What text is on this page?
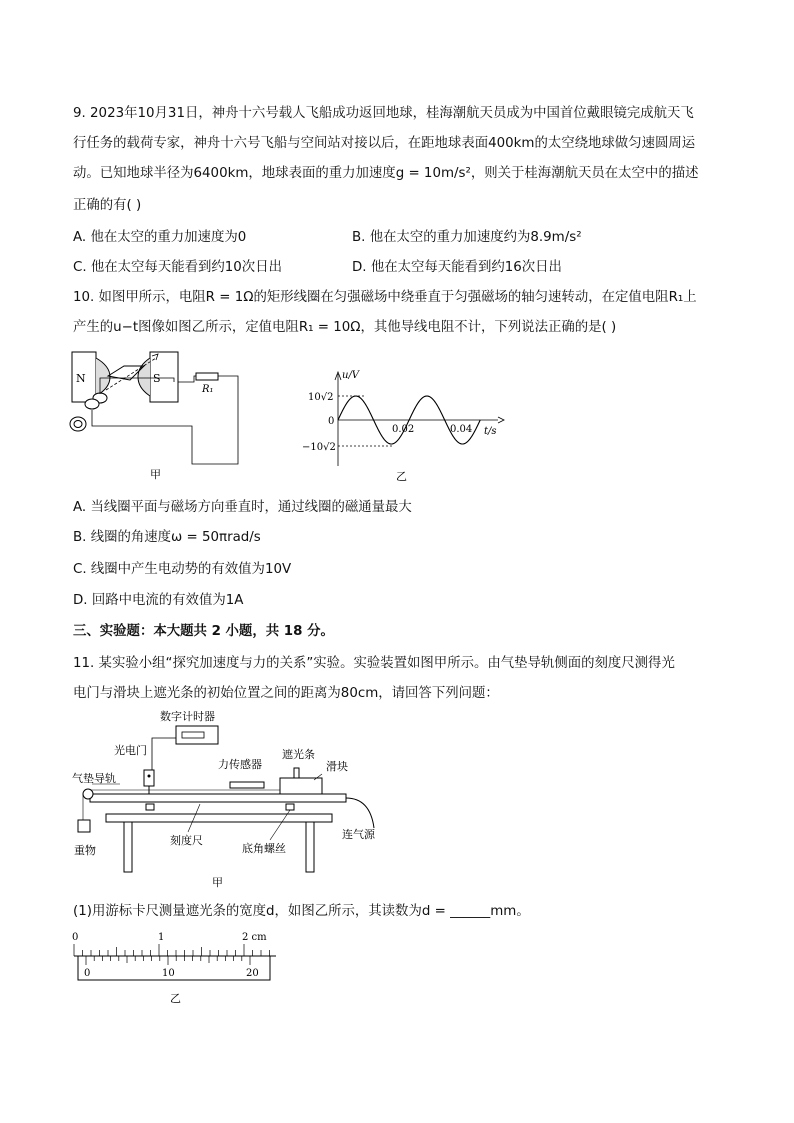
9. 2023年10月31日，神舟十六号载人飞船成功返回地球，桂海潮航天员成为中国首位戴眼镜完成航天飞
行任务的载荷专家，神舟十六号飞船与空间站对接以后，在距地球表面400km的太空绕地球做匀速圆周运
动。已知地球半径为6400km，地球表面的重力加速度g = 10m/s²，则关于桂海潮航天员在太空中的描述
正确的有( )
A. 他在太空的重力加速度为0	B. 他在太空的重力加速度约为8.9m/s²
C. 他在太空每天能看到约10次日出	D. 他在太空每天能看到约16次日出
10. 如图甲所示，电阻R = 1Ω的矩形线圈在匀强磁场中绕垂直于匀强磁场的轴匀速转动，在定值电阻R₁上
产生的u−t图像如图乙所示，定值电阻R₁ = 10Ω，其他导线电阻不计，下列说法正确的是( )
N	S
R₁
甲
u/V
t/s
10√2
0
−10√2
0.02	0.04
乙
A. 当线圈平面与磁场方向垂直时，通过线圈的磁通量最大
B. 线圈的角速度ω = 50πrad/s
C. 线圈中产生电动势的有效值为10V
D. 回路中电流的有效值为1A
三、实验题：本大题共 2 小题，共 18 分。
11. 某实验小组“探究加速度与力的关系”实验。实验装置如图甲所示。由气垫导轨侧面的刻度尺测得光
电门与滑块上遮光条的初始位置之间的距离为80cm，请回答下列问题：
数字计时器
光电门
气垫导轨
力传感器
遮光条
滑块
重物
刻度尺
底角螺丝
连气源
甲
(1)用游标卡尺测量遮光条的宽度d，如图乙所示，其读数为d = ______mm。
0	1	2 cm
0	10	20
乙
